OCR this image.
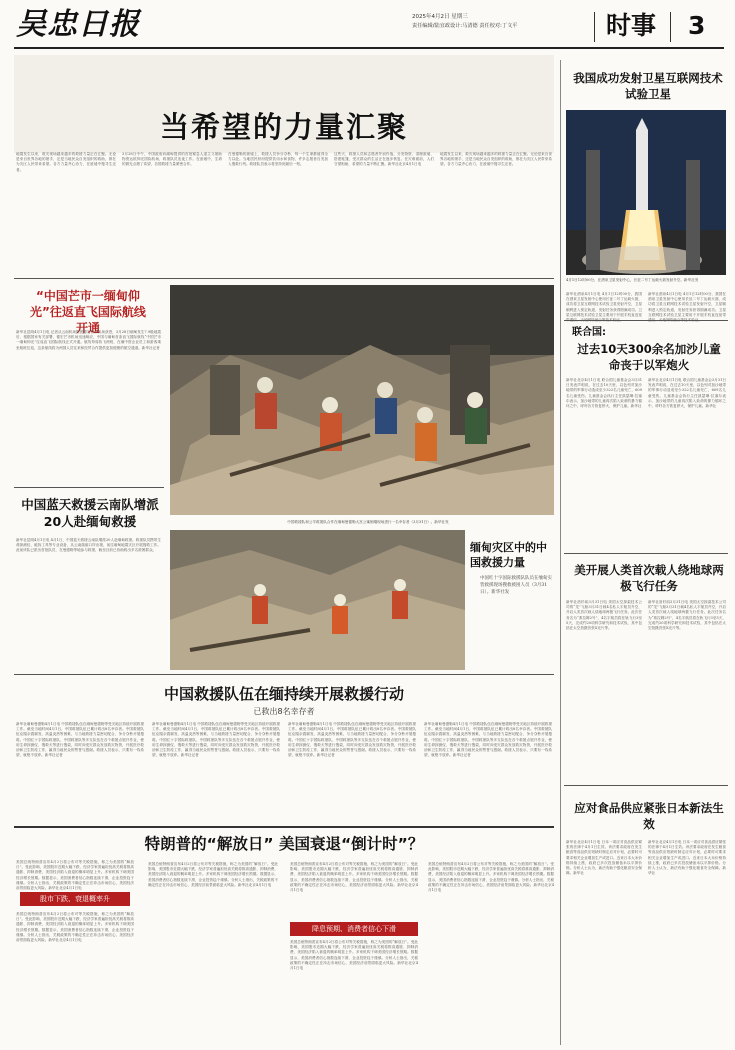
吴忠日报	2025年4月2日 星期三
责任编辑/陆宜政设计:马清德 责任校对:丁文平	时事 3
当希望的力量汇聚
地震发生以来，救灾现场越来越多的救援力量正在汇聚。无论是来自世界各地的援手，还是当地民众自发组织的救助，都在为灾区人民带来希望。各方力量齐心协力，在废墟中搜寻生还者。
3月28日中午，中国政府向缅甸提供的首批紧急人道主义援助物资运抵仰光国际机场，救援队员连夜工作。在废墟中，生命的微光点燃了希望，各国救援力量紧密合作。
在曼德勒的废墟上，救援人员争分夺秒，每一个生命都值得全力以赴。当地居民纷纷提供饮用水和食物，许多志愿者自发加入搜救行列。救援队员表示将坚持到最后一刻。
这些天，救援人员和志愿者并肩作战，分发物资、清理废墟、搭建帐篷，受灾群众的生活正在逐步恢复。在灾难面前，人们守望相助，希望的力量不断汇聚。新华社北京4月1日电
地震发生以来，救灾现场越来越多的救援力量正在汇聚。无论是来自世界各地的援手，还是当地民众自发组织的救助，都在为灾区人民带来希望。各方力量齐心协力，在废墟中搜寻生还者。
“中国芒市一缅甸仰光”往返直飞国际航线开通
新华社昆明4月1日电 记者从云南机场集团德宏芒市机场获悉，3月28日缅甸发生7.9级地震后，根据国家有关部署，德宏芒市机场迅速响应，中国与缅甸首条直飞国际航线“中国芒市一缅甸仰光”往返直飞国际航线正式开通。航线每周执飞两班，在缅中资企业员工和游客乘坐航班往返，这条航线将为两国人员往来和经贸合作提供更加便捷的航空通道。新华社记者
中国蓝天救援云南队增派20人赴缅甸救援
新华社昆明4月1日电 4月1日，中国蓝天救援云南队增派20人赴缅甸救援。救援队员携带生命探测仪、破拆工具等专业设备，从云南瑞丽口岸出境，前往缅甸地震灾区开展搜救工作。此前该队已派出首批队员，在曼德勒等地参与救援，截至目前已协助救出多名被困群众。
中国救援队和公羊救援队合作在缅甸曼德勒大宫公寓倒塌现场进行一名幸存者（3月31日）。新华社发
缅甸灾区中的中国救援力量
中国红十字国际救援队队员在缅甸实皆救援现场搜救被困人员（3月31日）。新华社发
中国救援队伍在缅持续开展救援行动
已救出8名幸存者
新华社缅甸曼德勒4月1日电 中国救援队伍在缅甸曼德勒等受灾地区持续开展救援工作。截至当地时间4月1日，中国救援队伍已累计救出8名幸存者。中国救援队伍克服余震频发、高温炎热等困难，与当地救援力量密切配合，争分夺秒开展搜救。中国红十字国际救援队、中国救援队等多支队伍在各个救援点展开作业，使用生命探测仪、搜救犬等进行搜索，同时向受灾群众发放救灾物资，开展医疗救治和卫生防疫工作，赢得当地民众的赞誉与感谢。救援人员表示，只要有一线希望，就绝不放弃。新华社记者
新华社缅甸曼德勒4月1日电 中国救援队伍在缅甸曼德勒等受灾地区持续开展救援工作。截至当地时间4月1日，中国救援队伍已累计救出8名幸存者。中国救援队伍克服余震频发、高温炎热等困难，与当地救援力量密切配合，争分夺秒开展搜救。中国红十字国际救援队、中国救援队等多支队伍在各个救援点展开作业，使用生命探测仪、搜救犬等进行搜索，同时向受灾群众发放救灾物资，开展医疗救治和卫生防疫工作，赢得当地民众的赞誉与感谢。救援人员表示，只要有一线希望，就绝不放弃。新华社记者
新华社缅甸曼德勒4月1日电 中国救援队伍在缅甸曼德勒等受灾地区持续开展救援工作。截至当地时间4月1日，中国救援队伍已累计救出8名幸存者。中国救援队伍克服余震频发、高温炎热等困难，与当地救援力量密切配合，争分夺秒开展搜救。中国红十字国际救援队、中国救援队等多支队伍在各个救援点展开作业，使用生命探测仪、搜救犬等进行搜索，同时向受灾群众发放救灾物资，开展医疗救治和卫生防疫工作，赢得当地民众的赞誉与感谢。救援人员表示，只要有一线希望，就绝不放弃。新华社记者
新华社缅甸曼德勒4月1日电 中国救援队伍在缅甸曼德勒等受灾地区持续开展救援工作。截至当地时间4月1日，中国救援队伍已累计救出8名幸存者。中国救援队伍克服余震频发、高温炎热等困难，与当地救援力量密切配合，争分夺秒开展搜救。中国红十字国际救援队、中国救援队等多支队伍在各个救援点展开作业，使用生命探测仪、搜救犬等进行搜索，同时向受灾群众发放救灾物资，开展医疗救治和卫生防疫工作，赢得当地民众的赞誉与感谢。救援人员表示，只要有一线希望，就绝不放弃。新华社记者
特朗普的“解放日” 美国衰退“倒计时”？
股市下跌、衰退概率升
美国总统特朗普宣布4月2日将公布对等关税措施，称之为美国的“解放日”。受此影响，美国股市近期大幅下跌，经济学家普遍担忧高关税将推高通胀、抑制消费，美国经济陷入衰退的概率明显上升。多家机构下调美国经济增长预期。数据显示，美国消费者信心指数连续下滑，企业投资趋于谨慎。分析人士指出，关税政策的不确定性正在冲击市场信心，美国经济前景面临更大风险。新华社北京4月1日电
美国总统特朗普宣布4月2日将公布对等关税措施，称之为美国的“解放日”。受此影响，美国股市近期大幅下跌，经济学家普遍担忧高关税将推高通胀、抑制消费，美国经济陷入衰退的概率明显上升。多家机构下调美国经济增长预期。数据显示，美国消费者信心指数连续下滑，企业投资趋于谨慎。分析人士指出，关税政策的不确定性正在冲击市场信心，美国经济前景面临更大风险。新华社北京4月1日电
美国总统特朗普宣布4月2日将公布对等关税措施，称之为美国的“解放日”。受此影响，美国股市近期大幅下跌，经济学家普遍担忧高关税将推高通胀、抑制消费，美国经济陷入衰退的概率明显上升。多家机构下调美国经济增长预期。数据显示，美国消费者信心指数连续下滑，企业投资趋于谨慎。分析人士指出，关税政策的不确定性正在冲击市场信心，美国经济前景面临更大风险。新华社北京4月1日电
降息预期、消费者信心下滑
美国总统特朗普宣布4月2日将公布对等关税措施，称之为美国的“解放日”。受此影响，美国股市近期大幅下跌，经济学家普遍担忧高关税将推高通胀、抑制消费，美国经济陷入衰退的概率明显上升。多家机构下调美国经济增长预期。数据显示，美国消费者信心指数连续下滑，企业投资趋于谨慎。分析人士指出，关税政策的不确定性正在冲击市场信心，美国经济前景面临更大风险。新华社北京4月1日电
美国总统特朗普宣布4月2日将公布对等关税措施，称之为美国的“解放日”。受此影响，美国股市近期大幅下跌，经济学家普遍担忧高关税将推高通胀、抑制消费，美国经济陷入衰退的概率明显上升。多家机构下调美国经济增长预期。数据显示，美国消费者信心指数连续下滑，企业投资趋于谨慎。分析人士指出，关税政策的不确定性正在冲击市场信心，美国经济前景面临更大风险。新华社北京4月1日电
美国总统特朗普宣布4月2日将公布对等关税措施，称之为美国的“解放日”。受此影响，美国股市近期大幅下跌，经济学家普遍担忧高关税将推高通胀、抑制消费，美国经济陷入衰退的概率明显上升。多家机构下调美国经济增长预期。数据显示，美国消费者信心指数连续下滑，企业投资趋于谨慎。分析人士指出，关税政策的不确定性正在冲击市场信心，美国经济前景面临更大风险。新华社北京4月1日电
我国成功发射卫星互联网技术试验卫星
4月1日12时00分，在酒泉卫星发射中心，长征二号丁运载火箭发射升空。新华社发
新华社酒泉4月1日电 4月1日12时00分，我国在酒泉卫星发射中心使用长征二号丁运载火箭，成功将卫星互联网技术试验卫星发射升空，卫星顺利进入预定轨道，发射任务获得圆满成功。卫星互联网技术试验卫星主要用于开展手机直连宽带通信、天地网络融合等技术验证。
新华社酒泉4月1日电 4月1日12时00分，我国在酒泉卫星发射中心使用长征二号丁运载火箭，成功将卫星互联网技术试验卫星发射升空，卫星顺利进入预定轨道，发射任务获得圆满成功。卫星互联网技术试验卫星主要用于开展手机直连宽带通信、天地网络融合等技术验证。
联合国:
过去10天300余名加沙儿童命丧于以军炮火
新华社北京4月1日电 联合国儿童基金会3月31日发表声明说，在过去10天里，以色列对加沙地带的军事行动造成至少322名儿童死亡，609名儿童受伤。儿童基金会执行主任凯瑟琳·拉塞尔表示，加沙地带的儿童再次陷入致命的暴力循环之中，呼吁各方恢复停火，保护儿童。新华社
新华社北京4月1日电 联合国儿童基金会3月31日发表声明说，在过去10天里，以色列对加沙地带的军事行动造成至少322名儿童死亡，609名儿童受伤。儿童基金会执行主任凯瑟琳·拉塞尔表示，加沙地带的儿童再次陷入致命的暴力循环之中，呼吁各方恢复停火，保护儿童。新华社
美开展人类首次载人绕地球两极飞行任务
新华社洛杉矶3月31日电 美国太空探索技术公司的“龙”飞船3月31日载4名私人宇航员升空，开启人类首次载人绕地球两极飞行任务。此次任务名为“弗拉姆2号”，4名宇航员将在轨飞行3至5天，完成约20项科学研究和技术试验，其中包括在太空拍摄首张X光片等。
新华社洛杉矶3月31日电 美国太空探索技术公司的“龙”飞船3月31日载4名私人宇航员升空，开启人类首次载人绕地球两极飞行任务。此次任务名为“弗拉姆2号”，4名宇航员将在轨飞行3至5天，完成约20项科学研究和技术试验，其中包括在太空拍摄首张X光片等。
应对食品供应紧张日本新法生效
新华社北京4月1日电 日本一项应对食品供应紧张的法律于4月1日生效。该法要求政府在发生粮食等食品供应短缺时制定应对计划，必要时可要求相关企业增加生产或进口。近来日本大米价格持续上涨，政府已多次投放储备米以平抑价格。分析人士认为，新法有助于强化粮食安全保障。新华社
新华社北京4月1日电 日本一项应对食品供应紧张的法律于4月1日生效。该法要求政府在发生粮食等食品供应短缺时制定应对计划，必要时可要求相关企业增加生产或进口。近来日本大米价格持续上涨，政府已多次投放储备米以平抑价格。分析人士认为，新法有助于强化粮食安全保障。新华社
